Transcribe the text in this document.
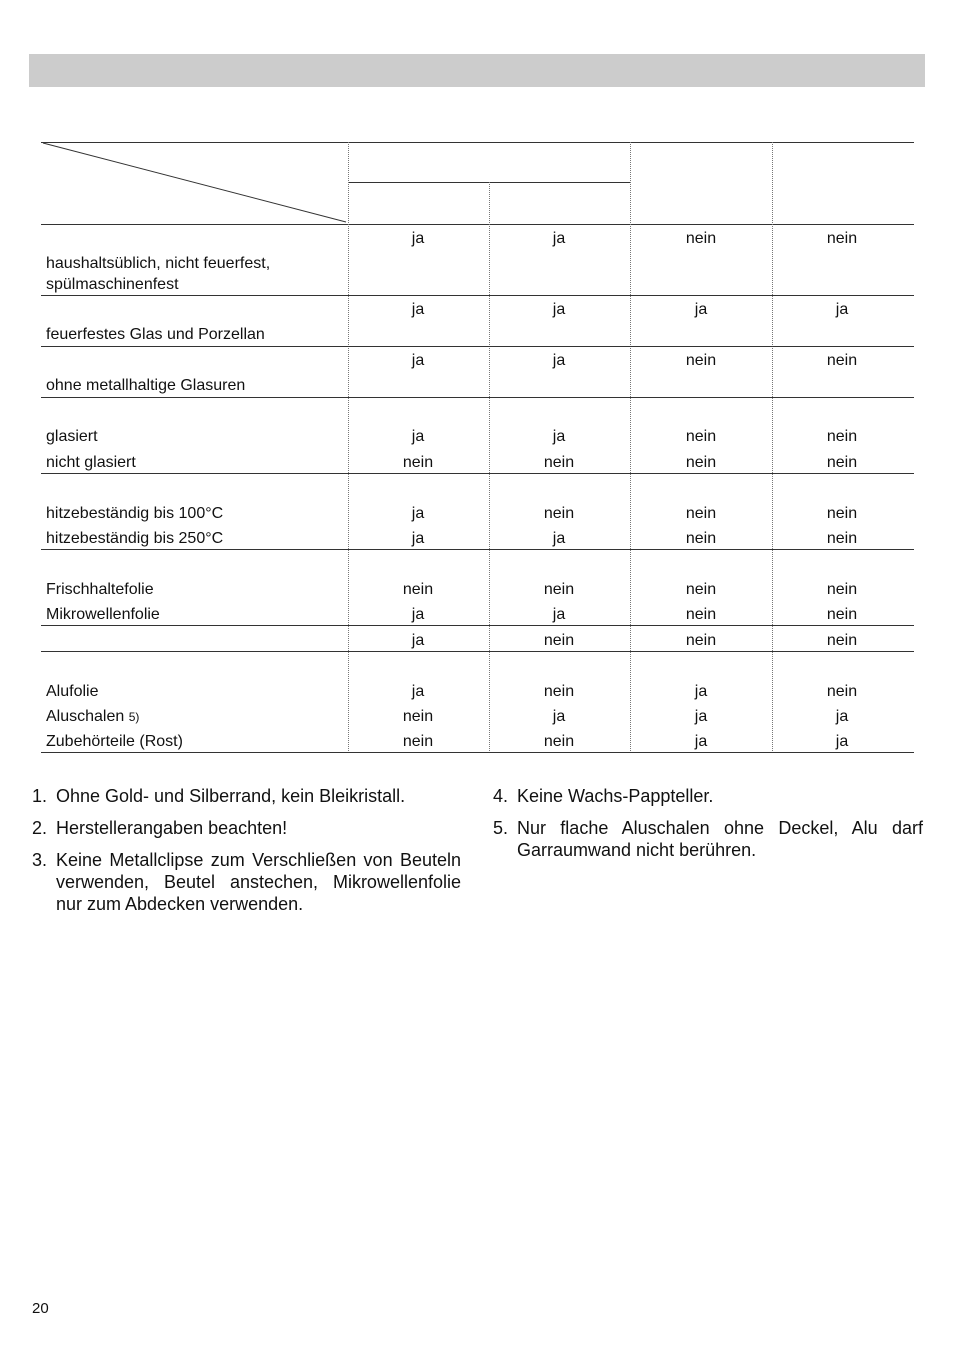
haushaltsüblich, nicht feuerfest,
spülmaschinenfest
ja	ja	nein	nein
feuerfestes Glas und Porzellan
ja	ja	ja	ja
ohne metallhaltige Glasuren
ja	ja	nein	nein
glasiert	ja	ja	nein	nein
nicht glasiert	nein	nein	nein	nein
hitzebeständig bis 100°C	ja	nein	nein	nein
hitzebeständig bis 250°C	ja	ja	nein	nein
Frischhaltefolie	nein	nein	nein	nein
Mikrowellenfolie	ja	ja	nein	nein
ja	nein	nein	nein
Alufolie	ja	nein	ja	nein
Aluschalen 5)	nein	ja	ja	ja
Zubehörteile (Rost)	nein	nein	ja	ja
1. Ohne Gold- und Silberrand, kein Bleikristall.
2. Herstellerangaben beachten!
3. Keine Metallclipse zum Verschließen von Beuteln verwenden, Beutel anstechen, Mikrowellenfolie nur zum Abdecken verwenden.
4. Keine Wachs-Pappteller.
5. Nur flache Aluschalen ohne Deckel, Alu darf Garraumwand nicht berühren.
20
